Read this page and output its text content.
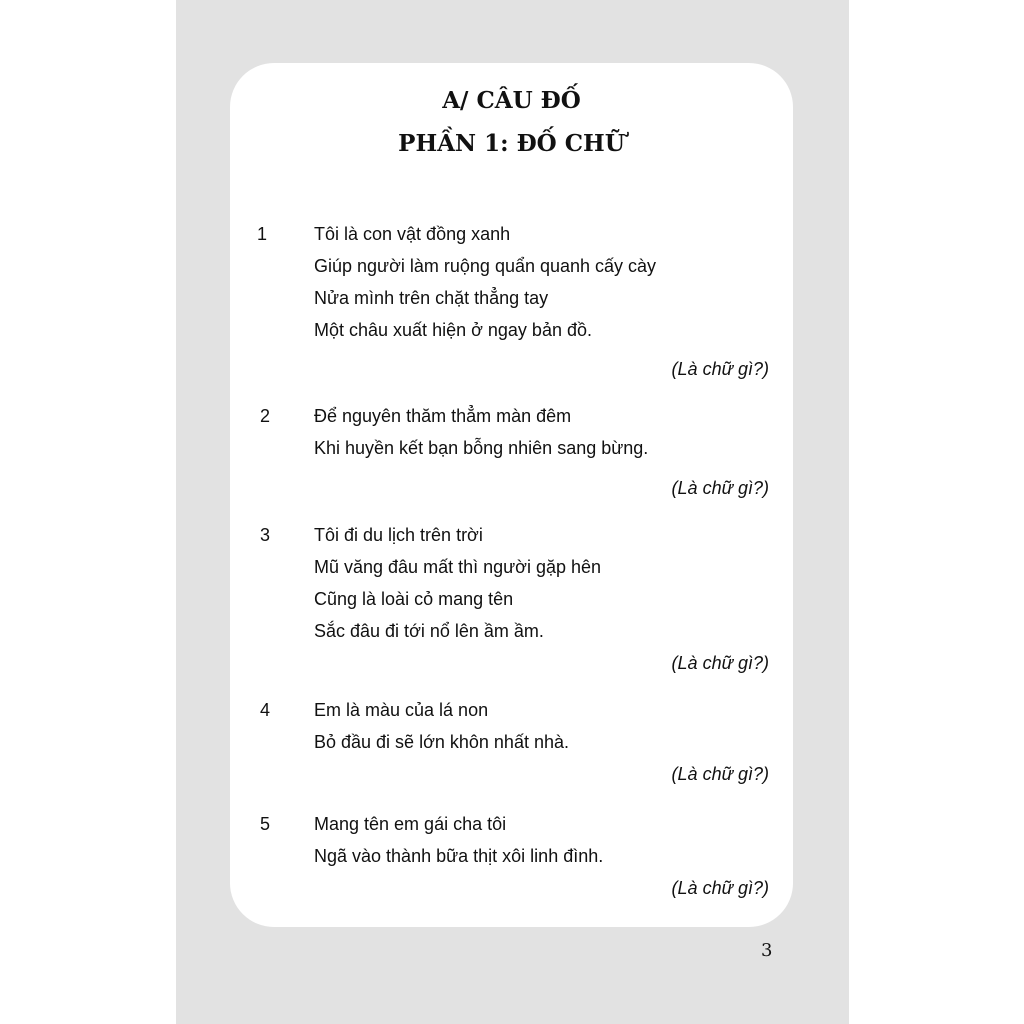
A/ CÂU ĐỐ
PHẦN 1: ĐỐ CHỮ
1	Tôi là con vật đồng xanh
Giúp người làm ruộng quẩn quanh cấy cày
Nửa mình trên chặt thẳng tay
Một châu xuất hiện ở ngay bản đồ.
(Là chữ gì?)
2	Để nguyên thăm thẳm màn đêm
Khi huyền kết bạn bỗng nhiên sang bừng.
(Là chữ gì?)
3	Tôi đi du lịch trên trời
Mũ văng đâu mất thì người gặp hên
Cũng là loài cỏ mang tên
Sắc đâu đi tới nổ lên ầm ầm.
(Là chữ gì?)
4	Em là màu của lá non
Bỏ đầu đi sẽ lớn khôn nhất nhà.
(Là chữ gì?)
5	Mang tên em gái cha tôi
Ngã vào thành bữa thịt xôi linh đình.
(Là chữ gì?)
3
